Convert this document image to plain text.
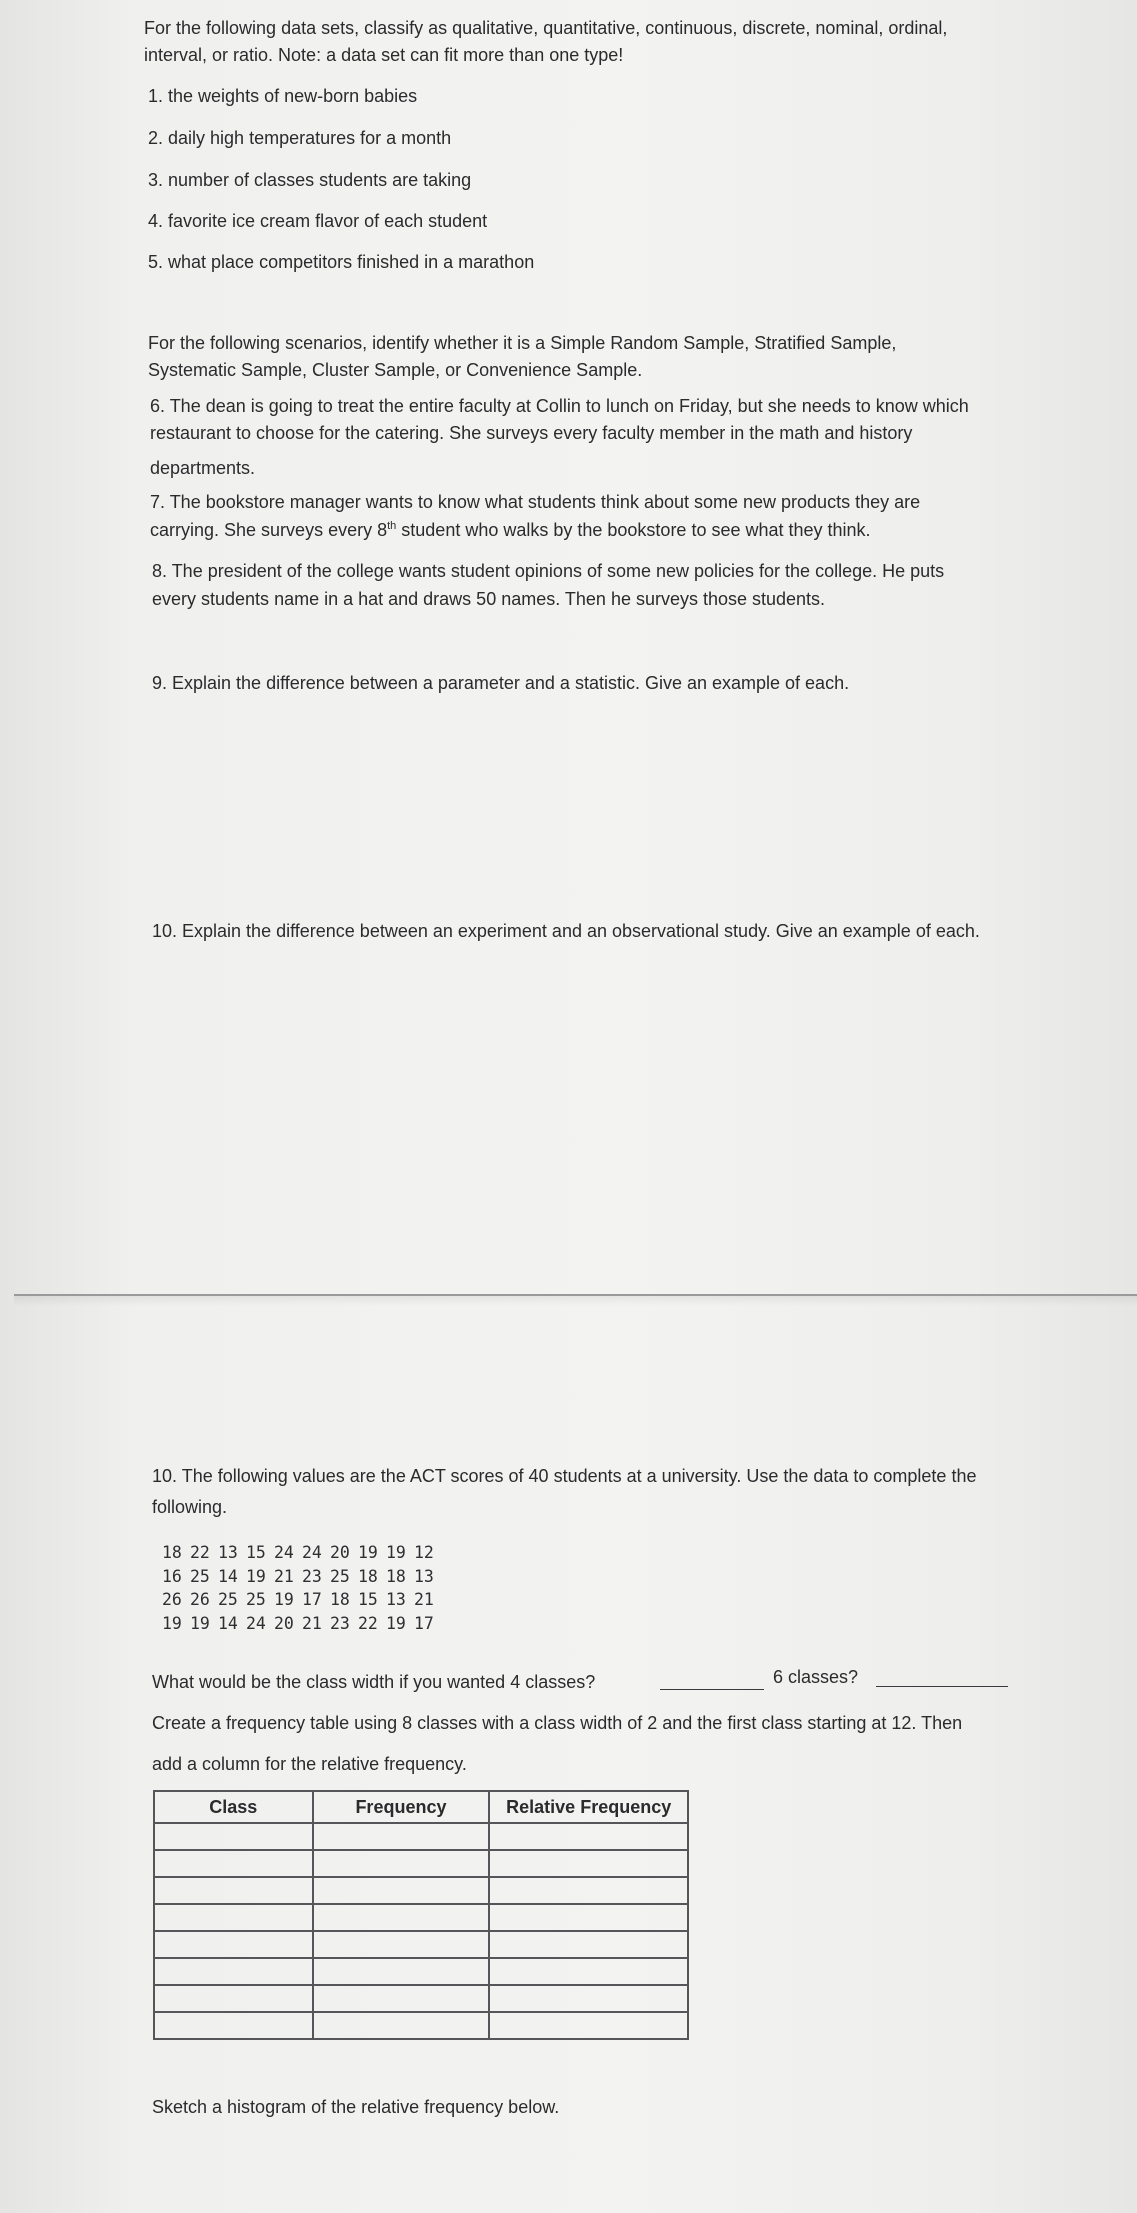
For the following data sets, classify as qualitative, quantitative, continuous, discrete, nominal, ordinal,
interval, or ratio. Note: a data set can fit more than one type!
1. the weights of new-born babies
2. daily high temperatures for a month
3. number of classes students are taking
4. favorite ice cream flavor of each student
5. what place competitors finished in a marathon
For the following scenarios, identify whether it is a Simple Random Sample, Stratified Sample,
Systematic Sample, Cluster Sample, or Convenience Sample.
6. The dean is going to treat the entire faculty at Collin to lunch on Friday, but she needs to know which
restaurant to choose for the catering. She surveys every faculty member in the math and history
departments.
7. The bookstore manager wants to know what students think about some new products they are
carrying. She surveys every 8th student who walks by the bookstore to see what they think.
8. The president of the college wants student opinions of some new policies for the college. He puts
every students name in a hat and draws 50 names. Then he surveys those students.
9. Explain the difference between a parameter and a statistic. Give an example of each.
10. Explain the difference between an experiment and an observational study. Give an example of each.
10. The following values are the ACT scores of 40 students at a university. Use the data to complete the
following.
18 22 13 15 24 24 20 19 19 12
16 25 14 19 21 23 25 18 18 13
26 26 25 25 19 17 18 15 13 21
19 19 14 24 20 21 23 22 19 17
What would be the class width if you wanted 4 classes?	6 classes?
Create a frequency table using 8 classes with a class width of 2 and the first class starting at 12. Then
add a column for the relative frequency.
Class	Frequency	Relative Frequency

Sketch a histogram of the relative frequency below.
